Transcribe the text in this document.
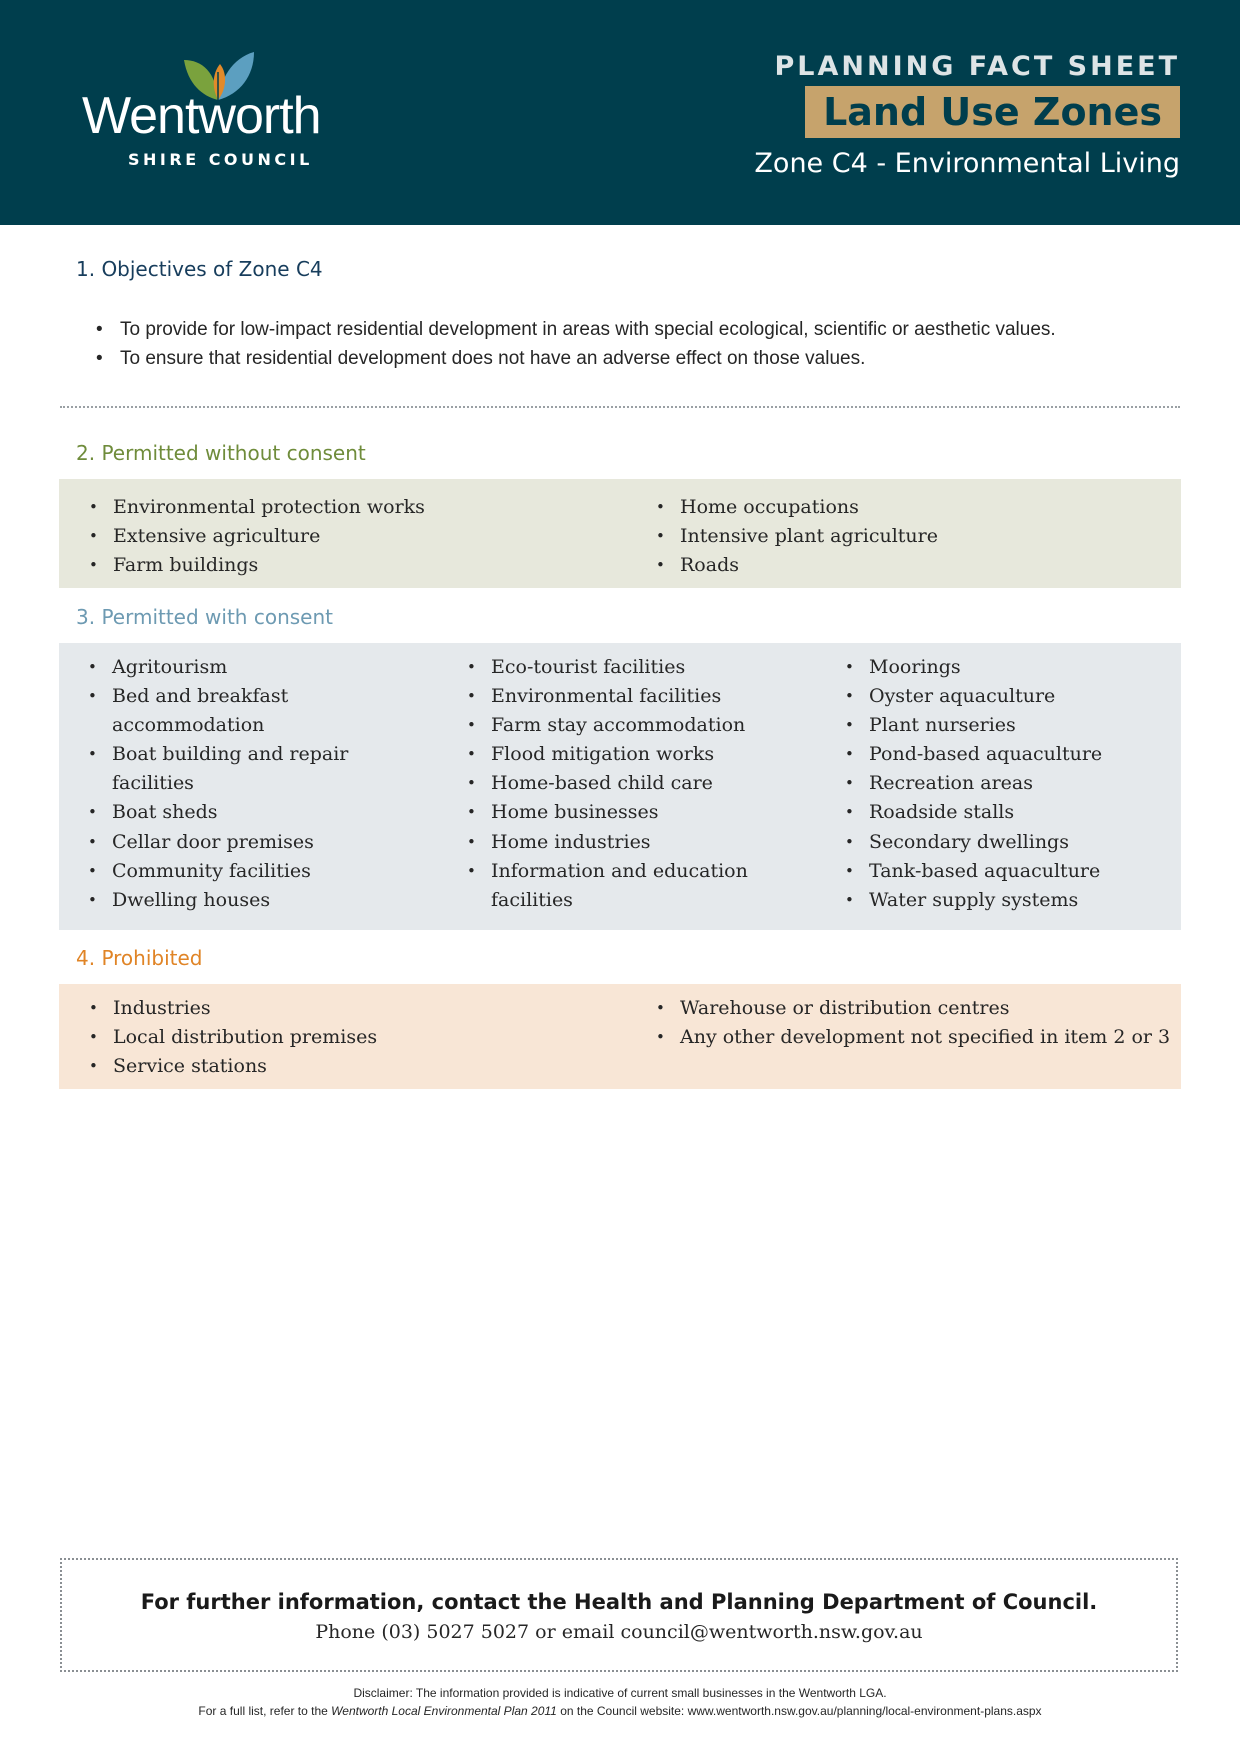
Wentworth
SHIRE COUNCIL
PLANNING FACT SHEET
Land Use Zones
Zone C4 - Environmental Living
1. Objectives of Zone C4
• To provide for low-impact residential development in areas with special ecological, scientific or aesthetic values.
• To ensure that residential development does not have an adverse effect on those values.
2. Permitted without consent
• Environmental protection works
• Extensive agriculture
• Farm buildings
• Home occupations
• Intensive plant agriculture
• Roads
3. Permitted with consent
• Agritourism
• Bed and breakfast accommodation
• Boat building and repair facilities
• Boat sheds
• Cellar door premises
• Community facilities
• Dwelling houses
• Eco-tourist facilities
• Environmental facilities
• Farm stay accommodation
• Flood mitigation works
• Home-based child care
• Home businesses
• Home industries
• Information and education facilities
• Moorings
• Oyster aquaculture
• Plant nurseries
• Pond-based aquaculture
• Recreation areas
• Roadside stalls
• Secondary dwellings
• Tank-based aquaculture
• Water supply systems
4. Prohibited
• Industries
• Local distribution premises
• Service stations
• Warehouse or distribution centres
• Any other development not specified in item 2 or 3
For further information, contact the Health and Planning Department of Council.
Phone (03) 5027 5027 or email council@wentworth.nsw.gov.au
Disclaimer: The information provided is indicative of current small businesses in the Wentworth LGA.
For a full list, refer to the Wentworth Local Environmental Plan 2011 on the Council website: www.wentworth.nsw.gov.au/planning/local-environment-plans.aspx
